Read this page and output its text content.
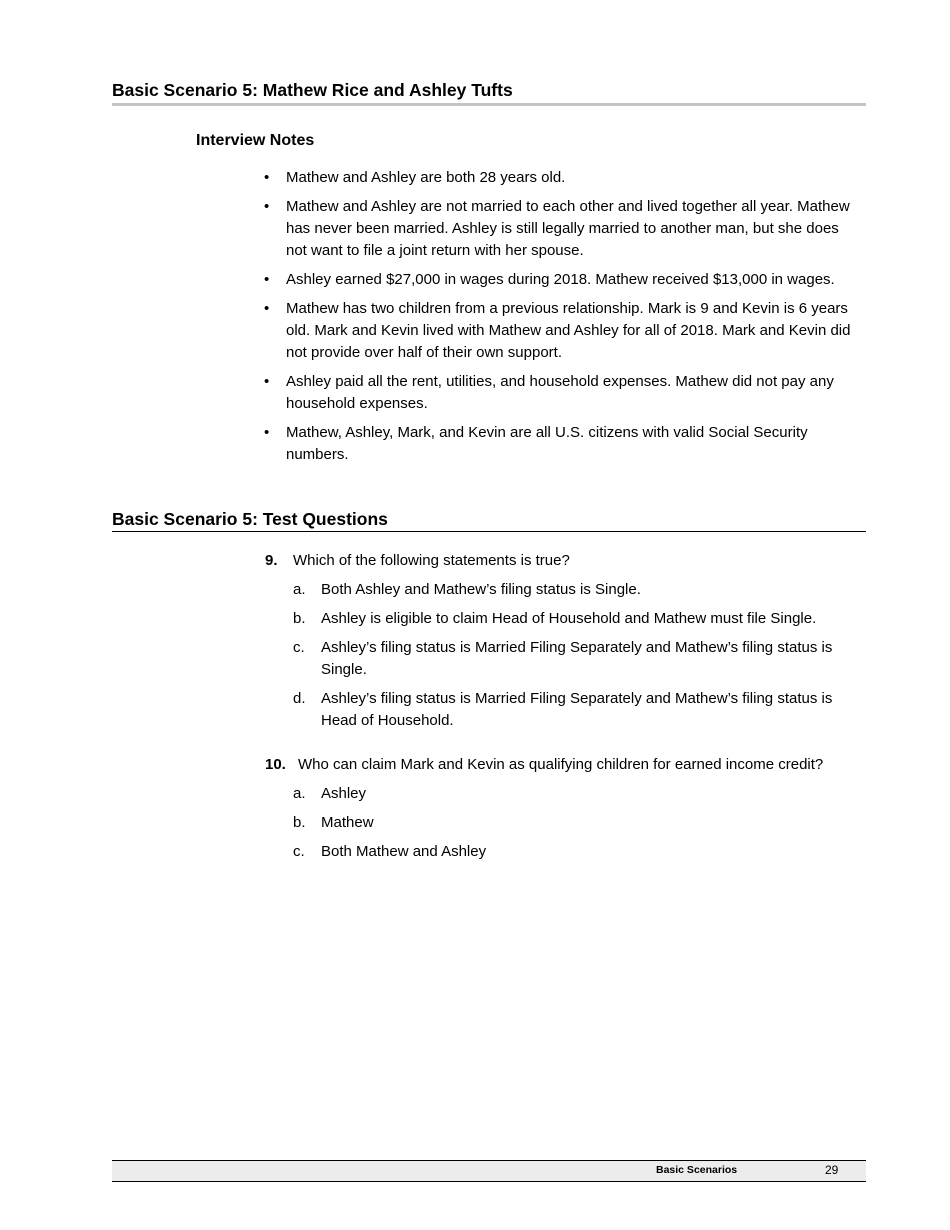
Basic Scenario 5: Mathew Rice and Ashley Tufts
Interview Notes
• Mathew and Ashley are both 28 years old.
• Mathew and Ashley are not married to each other and lived together all year. Mathew has never been married. Ashley is still legally married to another man, but she does not want to file a joint return with her spouse.
• Ashley earned $27,000 in wages during 2018. Mathew received $13,000 in wages.
• Mathew has two children from a previous relationship. Mark is 9 and Kevin is 6 years old. Mark and Kevin lived with Mathew and Ashley for all of 2018. Mark and Kevin did not provide over half of their own support.
• Ashley paid all the rent, utilities, and household expenses. Mathew did not pay any household expenses.
• Mathew, Ashley, Mark, and Kevin are all U.S. citizens with valid Social Security numbers.
Basic Scenario 5: Test Questions
9. Which of the following statements is true?
a. Both Ashley and Mathew’s filing status is Single.
b. Ashley is eligible to claim Head of Household and Mathew must file Single.
c. Ashley’s filing status is Married Filing Separately and Mathew’s filing status is Single.
d. Ashley’s filing status is Married Filing Separately and Mathew’s filing status is Head of Household.
10. Who can claim Mark and Kevin as qualifying children for earned income credit?
a. Ashley
b. Mathew
c. Both Mathew and Ashley
Basic Scenarios	29
